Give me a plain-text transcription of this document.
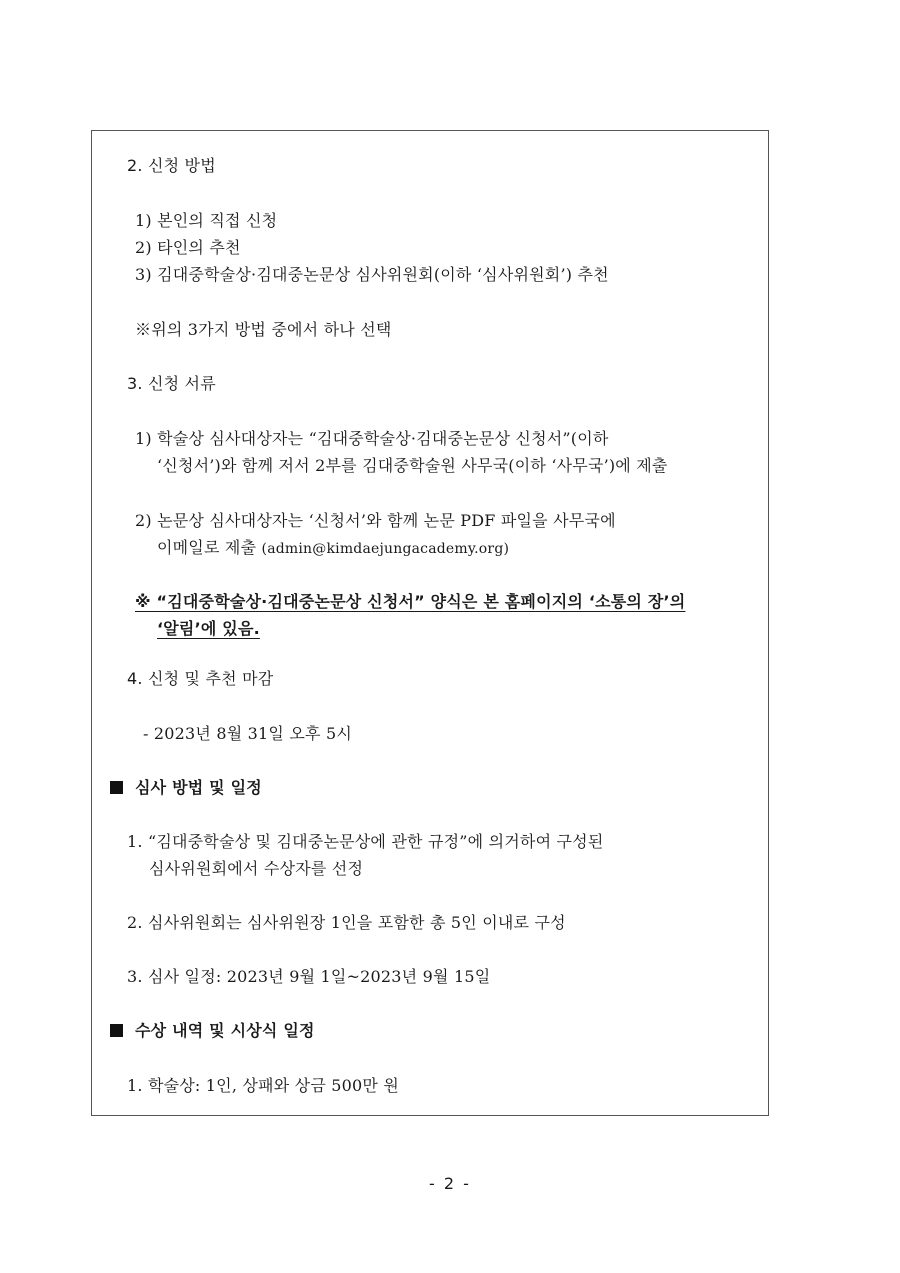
2. 신청 방법
1) 본인의 직접 신청
2) 타인의 추천
3) 김대중학술상·김대중논문상 심사위원회(이하 ‘심사위원회’) 추천
※위의 3가지 방법 중에서 하나 선택
3. 신청 서류
1) 학술상 심사대상자는 “김대중학술상·김대중논문상 신청서”(이하
‘신청서’)와 함께 저서 2부를 김대중학술원 사무국(이하 ‘사무국’)에 제출
2) 논문상 심사대상자는 ‘신청서’와 함께 논문 PDF 파일을 사무국에
이메일로 제출 (admin@kimdaejungacademy.org)
※ “김대중학술상·김대중논문상 신청서” 양식은 본 홈페이지의 ‘소통의 장’의
‘알림’에 있음.
4. 신청 및 추천 마감
- 2023년 8월 31일 오후 5시
심사 방법 및 일정
1. “김대중학술상 및 김대중논문상에 관한 규정”에 의거하여 구성된
심사위원회에서 수상자를 선정
2. 심사위원회는 심사위원장 1인을 포함한 총 5인 이내로 구성
3. 심사 일정: 2023년 9월 1일~2023년 9월 15일
수상 내역 및 시상식 일정
1. 학술상: 1인, 상패와 상금 500만 원
- 2 -
